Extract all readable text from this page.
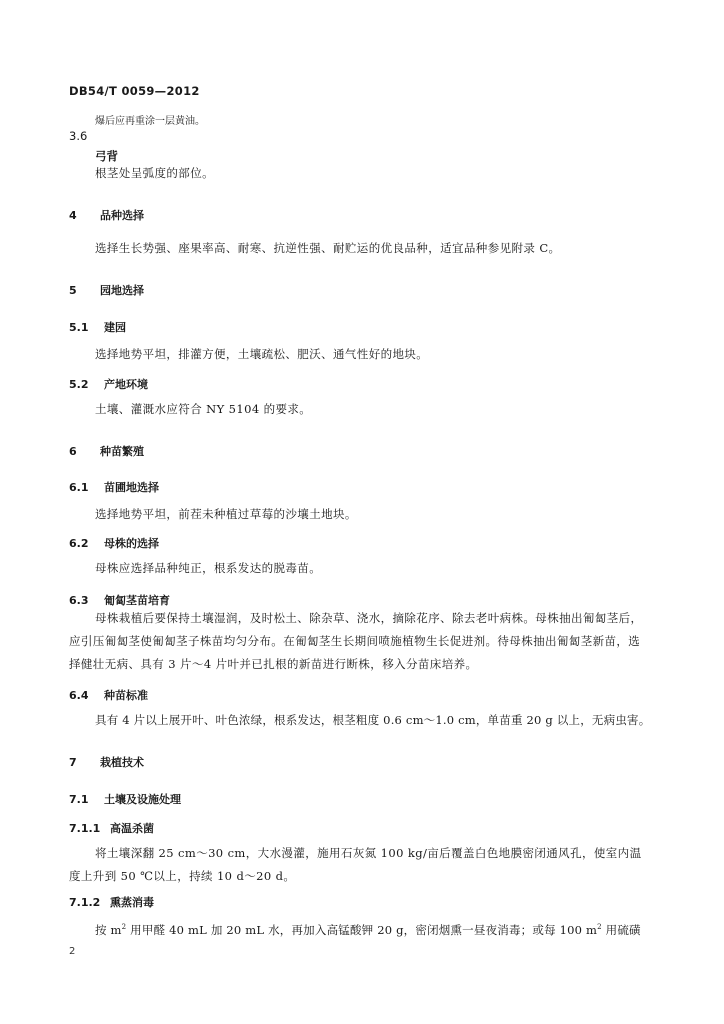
DB54/T 0059—2012
爆后应再重涂一层黄油。
3.6
弓背
根茎处呈弧度的部位。
4 品种选择
选择生长势强、座果率高、耐寒、抗逆性强、耐贮运的优良品种，适宜品种参见附录 C。
5 园地选择
5.1 建园
选择地势平坦，排灌方便，土壤疏松、肥沃、通气性好的地块。
5.2 产地环境
土壤、灌溉水应符合 NY 5104 的要求。
6 种苗繁殖
6.1 苗圃地选择
选择地势平坦，前茬未种植过草莓的沙壤土地块。
6.2 母株的选择
母株应选择品种纯正，根系发达的脱毒苗。
6.3 匍匐茎苗培育
母株栽植后要保持土壤湿润，及时松土、除杂草、浇水，摘除花序、除去老叶病株。母株抽出匍匐茎后，应引压匍匐茎使匍匐茎子株苗均匀分布。在匍匐茎生长期间喷施植物生长促进剂。待母株抽出匍匐茎新苗，选择健壮无病、具有 3 片～4 片叶并已扎根的新苗进行断株，移入分苗床培养。
6.4 种苗标准
具有 4 片以上展开叶、叶色浓绿，根系发达，根茎粗度 0.6 cm～1.0 cm，单苗重 20 g 以上，无病虫害。
7 栽植技术
7.1 土壤及设施处理
7.1.1 高温杀菌
将土壤深翻 25 cm～30 cm，大水漫灌，施用石灰氮 100 kg/亩后覆盖白色地膜密闭通风孔，使室内温度上升到 50 ℃以上，持续 10 d～20 d。
7.1.2 熏蒸消毒
按 $m^2$ 用甲醛 40 mL 加 20 mL 水，再加入高锰酸钾 20 g，密闭烟熏一昼夜消毒；或每 100 $m^2$ 用硫磺
2
